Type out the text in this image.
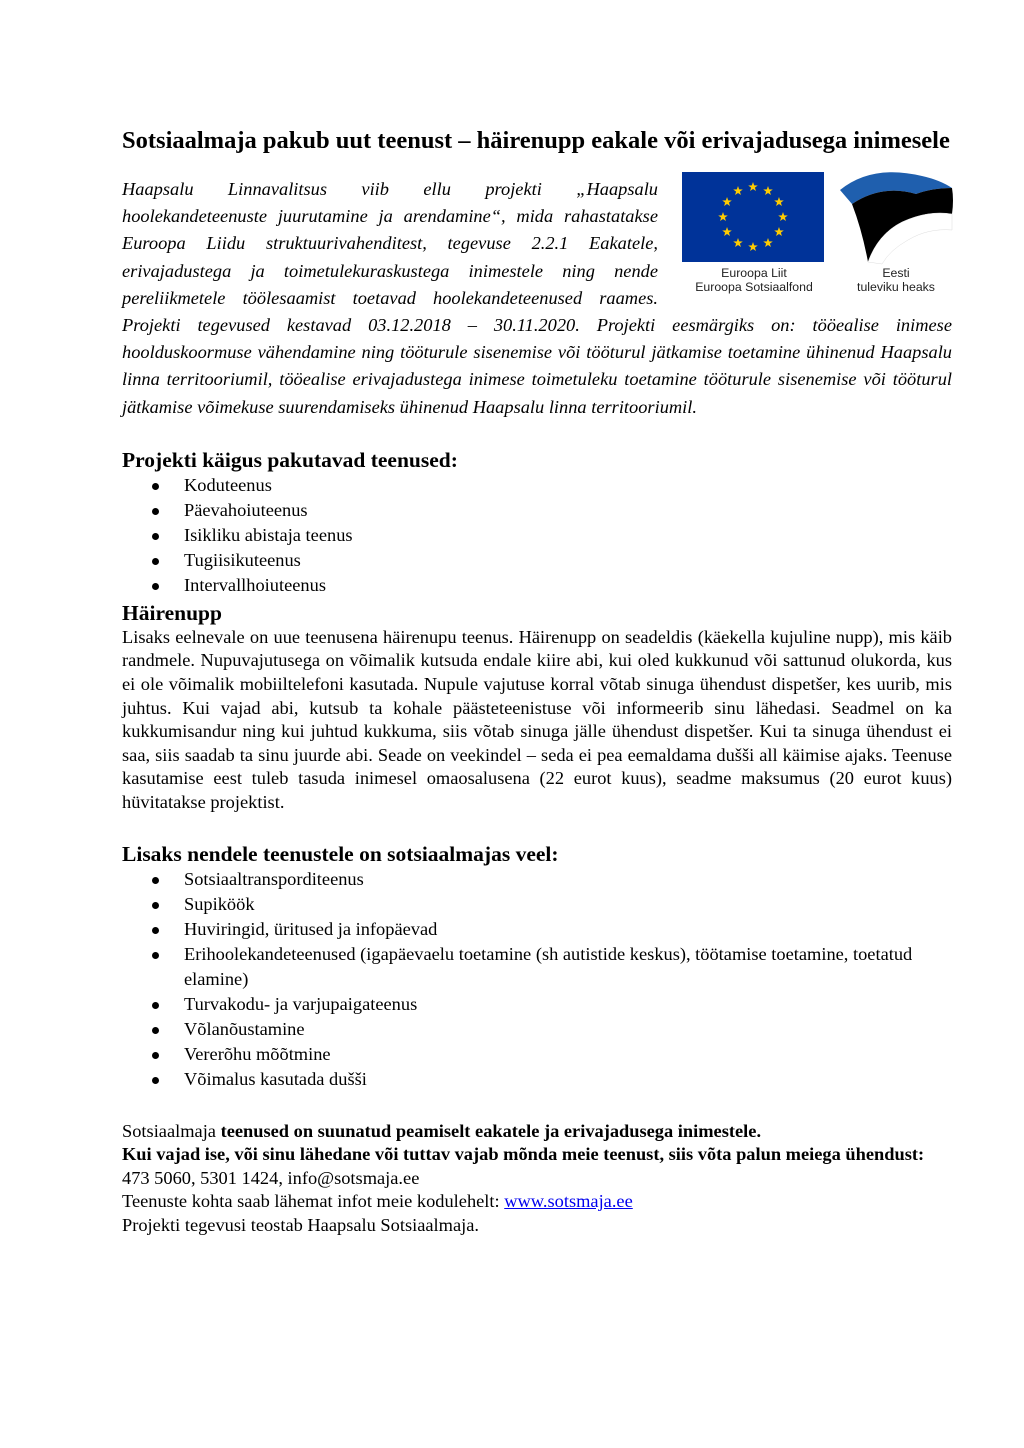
Sotsiaalmaja pakub uut teenust – häirenupp eakale või erivajadusega inimesele
Euroopa Liit
Euroopa Sotsiaalfond
Eesti
tuleviku heaks

Haapsalu Linnavalitsus viib ellu projekti „Haapsalu hoolekandeteenuste juurutamine ja arendamine“, mida rahastatakse Euroopa Liidu struktuurivahenditest, tegevuse 2.2.1 Eakatele, erivajadustega ja toimetulekuraskustega inimestele ning nende pereliikmetele töölesaamist toetavad hoolekandeteenused raames. Projekti tegevused kestavad 03.12.2018 – 30.11.2020. Projekti eesmärgiks on: tööealise inimese hoolduskoormuse vähendamine ning tööturule sisenemise või tööturul jätkamise toetamine ühinenud Haapsalu linna territooriumil, tööealise erivajadustega inimese toimetuleku toetamine tööturule sisenemise või tööturul jätkamise võimekuse suurendamiseks ühinenud Haapsalu linna territooriumil.

Projekti käigus pakutavad teenused:
Koduteenus
Päevahoiuteenus
Isikliku abistaja teenus
Tugiisikuteenus
Intervallhoiuteenus
Häirenupp

Lisaks eelnevale on uue teenusena häirenupu teenus. Häirenupp on seadeldis (käekella kujuline nupp), mis käib randmele. Nupuvajutusega on võimalik kutsuda endale kiire abi, kui oled kukkunud või sattunud olukorda, kus ei ole võimalik mobiiltelefoni kasutada. Nupule vajutuse korral võtab sinuga ühendust dispetšer, kes uurib, mis juhtus. Kui vajad abi, kutsub ta kohale päästeteenistuse või informeerib sinu lähedasi. Seadmel on ka kukkumisandur ning kui juhtud kukkuma, siis võtab sinuga jälle ühendust dispetšer. Kui ta sinuga ühendust ei saa, siis saadab ta sinu juurde abi. Seade on veekindel – seda ei pea eemaldama dušši all käimise ajaks. Teenuse kasutamise eest tuleb tasuda inimesel omaosalusena (22 eurot kuus), seadme maksumus (20 eurot kuus) hüvitatakse projektist.

Lisaks nendele teenustele on sotsiaalmajas veel:
Sotsiaaltransporditeenus
Supiköök
Huviringid, üritused ja infopäevad
Erihoolekandeteenused (igapäevaelu toetamine (sh autistide keskus), töötamise toetamine, toetatud elamine)
Turvakodu- ja varjupaigateenus
Võlanõustamine
Vererõhu mõõtmine
Võimalus kasutada dušši

Sotsiaalmaja teenused on suunatud peamiselt eakatele ja erivajadusega inimestele.

Kui vajad ise, või sinu lähedane või tuttav vajab mõnda meie teenust, siis võta palun meiega ühendust: 473 5060, 5301 1424, info@sotsmaja.ee

Teenuste kohta saab lähemat infot meie kodulehelt: www.sotsmaja.ee

Projekti tegevusi teostab Haapsalu Sotsiaalmaja.
